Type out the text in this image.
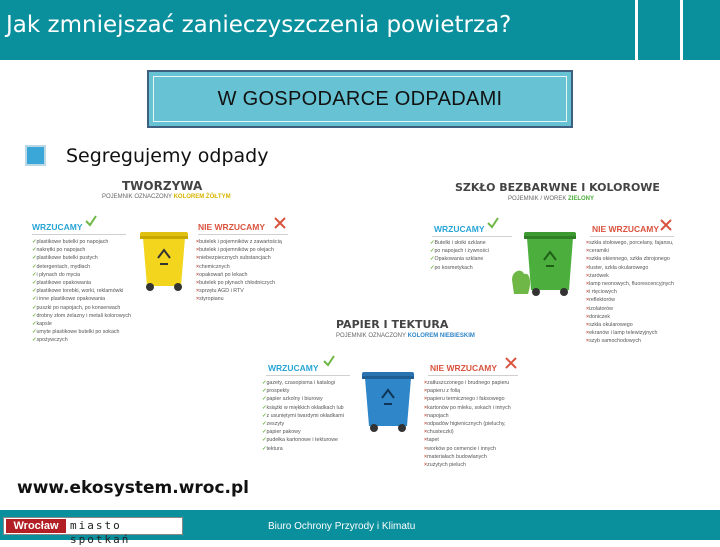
Jak zmniejszać zanieczyszczenia powietrza?
W GOSPODARCE ODPADAMI
Segregujemy odpady
TWORZYWA
POJEMNIK OZNACZONY KOLOREM ŻÓŁTYM
WRZUCAMY
✓ plastikowe butelki po napojach
✓ nakrętki po napojach
✓ plastikowe butelki pustych
✓ detergentach, mydłach
✓ i płynach do mycia
✓ plastikowe opakowania
✓ plastikowe torebki, worki, reklamówki
✓ i inne plastikowe opakowania
✓ puszki po napojach, po konserwach
✓ drobny złom żelazny i metali kolorowych
✓ kapsle
✓ umyte plastikowe butelki po sokach
✓ spożywczych
NIE WRZUCAMY
× butelek i pojemników z zawartością
× butelek i pojemników po olejach
× niebezpiecznych substancjach
× chemicznych
× opakowań po lekach
× butelek po płynach chłodniczych
× sprzętu AGD i RTV
× styropianu
SZKŁO BEZBARWNE I KOLOROWE
POJEMNIK / WOREK ZIELONY
WRZUCAMY
✓ Butelki i słoiki szklane
✓ po napojach i żywności
✓ Opakowania szklane
✓ po kosmetykach
NIE WRZUCAMY
× szkła stołowego, porcelany, fajansu,
× ceramiki
× szkła okiennego, szkła zbrojonego
× luster, szkła okularowego
× żarówek
× lamp neonowych, fluorescencyjnych
× i rtęciowych
× reflektorów
× izolatorów
× doniczek
× szkła okularowego
× ekranów i lamp telewizyjnych
× szyb samochodowych
PAPIER I TEKTURA
POJEMNIK OZNACZONY KOLOREM NIEBIESKIM
WRZUCAMY
✓ gazety, czasopisma i katalogi
✓ prospekty
✓ papier szkolny i biurowy
✓ książki w miękkich okładkach lub
✓ z usuniętymi twardymi okładkami
✓ zeszyty
✓ papier pakowy
✓ pudełka kartonowe i tekturowe
✓ tektura
NIE WRZUCAMY
× zatłuszczonego i brudnego papieru
× papieru z folią
× papieru termicznego i faksowego
× kartonów po mleku, sokach i innych
× napojach
× odpadów higienicznych (pieluchy,
× chusteczki)
× tapet
× worków po cemencie i innych
× materiałach budowlanych
× zużytych pieluch
www.ekosystem.wroc.pl
Wrocław	miasto spotkań
Biuro Ochrony Przyrody i Klimatu
